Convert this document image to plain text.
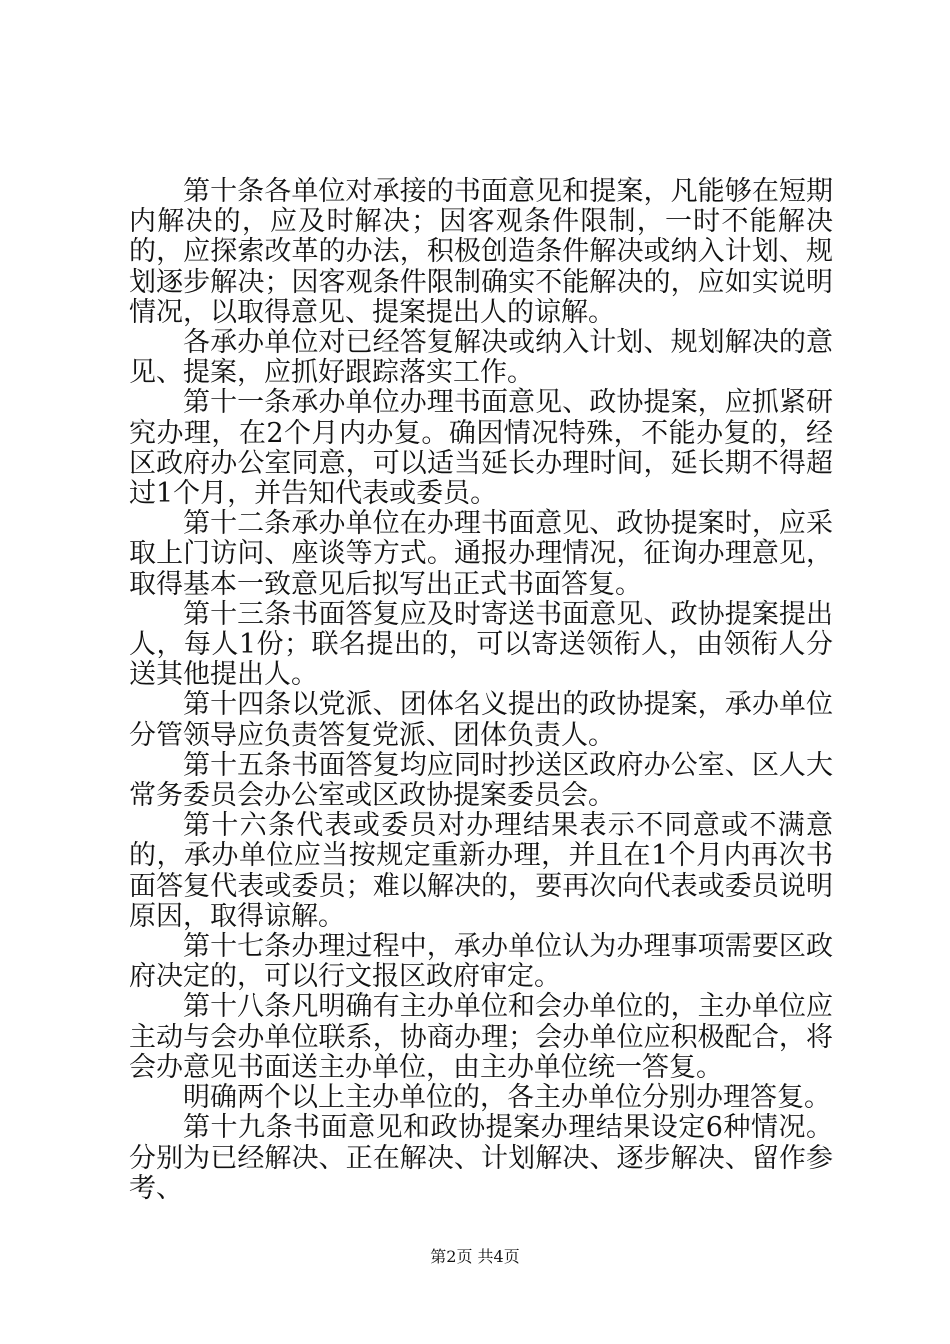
第十条各单位对承接的书面意见和提案，凡能够在短期内解决的，应及时解决；因客观条件限制，一时不能解决的，应探索改革的办法，积极创造条件解决或纳入计划、规划逐步解决；因客观条件限制确实不能解决的，应如实说明情况，以取得意见、提案提出人的谅解。

各承办单位对已经答复解决或纳入计划、规划解决的意见、提案，应抓好跟踪落实工作。

第十一条承办单位办理书面意见、政协提案，应抓紧研究办理，在2个月内办复。确因情况特殊，不能办复的，经区政府办公室同意，可以适当延长办理时间，延长期不得超过1个月，并告知代表或委员。

第十二条承办单位在办理书面意见、政协提案时，应采取上门访问、座谈等方式。通报办理情况，征询办理意见，取得基本一致意见后拟写出正式书面答复。

第十三条书面答复应及时寄送书面意见、政协提案提出人，每人1份；联名提出的，可以寄送领衔人，由领衔人分送其他提出人。

第十四条以党派、团体名义提出的政协提案，承办单位分管领导应负责答复党派、团体负责人。

第十五条书面答复均应同时抄送区政府办公室、区人大常务委员会办公室或区政协提案委员会。

第十六条代表或委员对办理结果表示不同意或不满意的，承办单位应当按规定重新办理，并且在1个月内再次书面答复代表或委员；难以解决的，要再次向代表或委员说明原因，取得谅解。

第十七条办理过程中，承办单位认为办理事项需要区政府决定的，可以行文报区政府审定。

第十八条凡明确有主办单位和会办单位的，主办单位应主动与会办单位联系，协商办理；会办单位应积极配合，将会办意见书面送主办单位，由主办单位统一答复。

明确两个以上主办单位的，各主办单位分别办理答复。

第十九条书面意见和政协提案办理结果设定6种情况。分别为已经解决、正在解决、计划解决、逐步解决、留作参考、

第2页 共4页
